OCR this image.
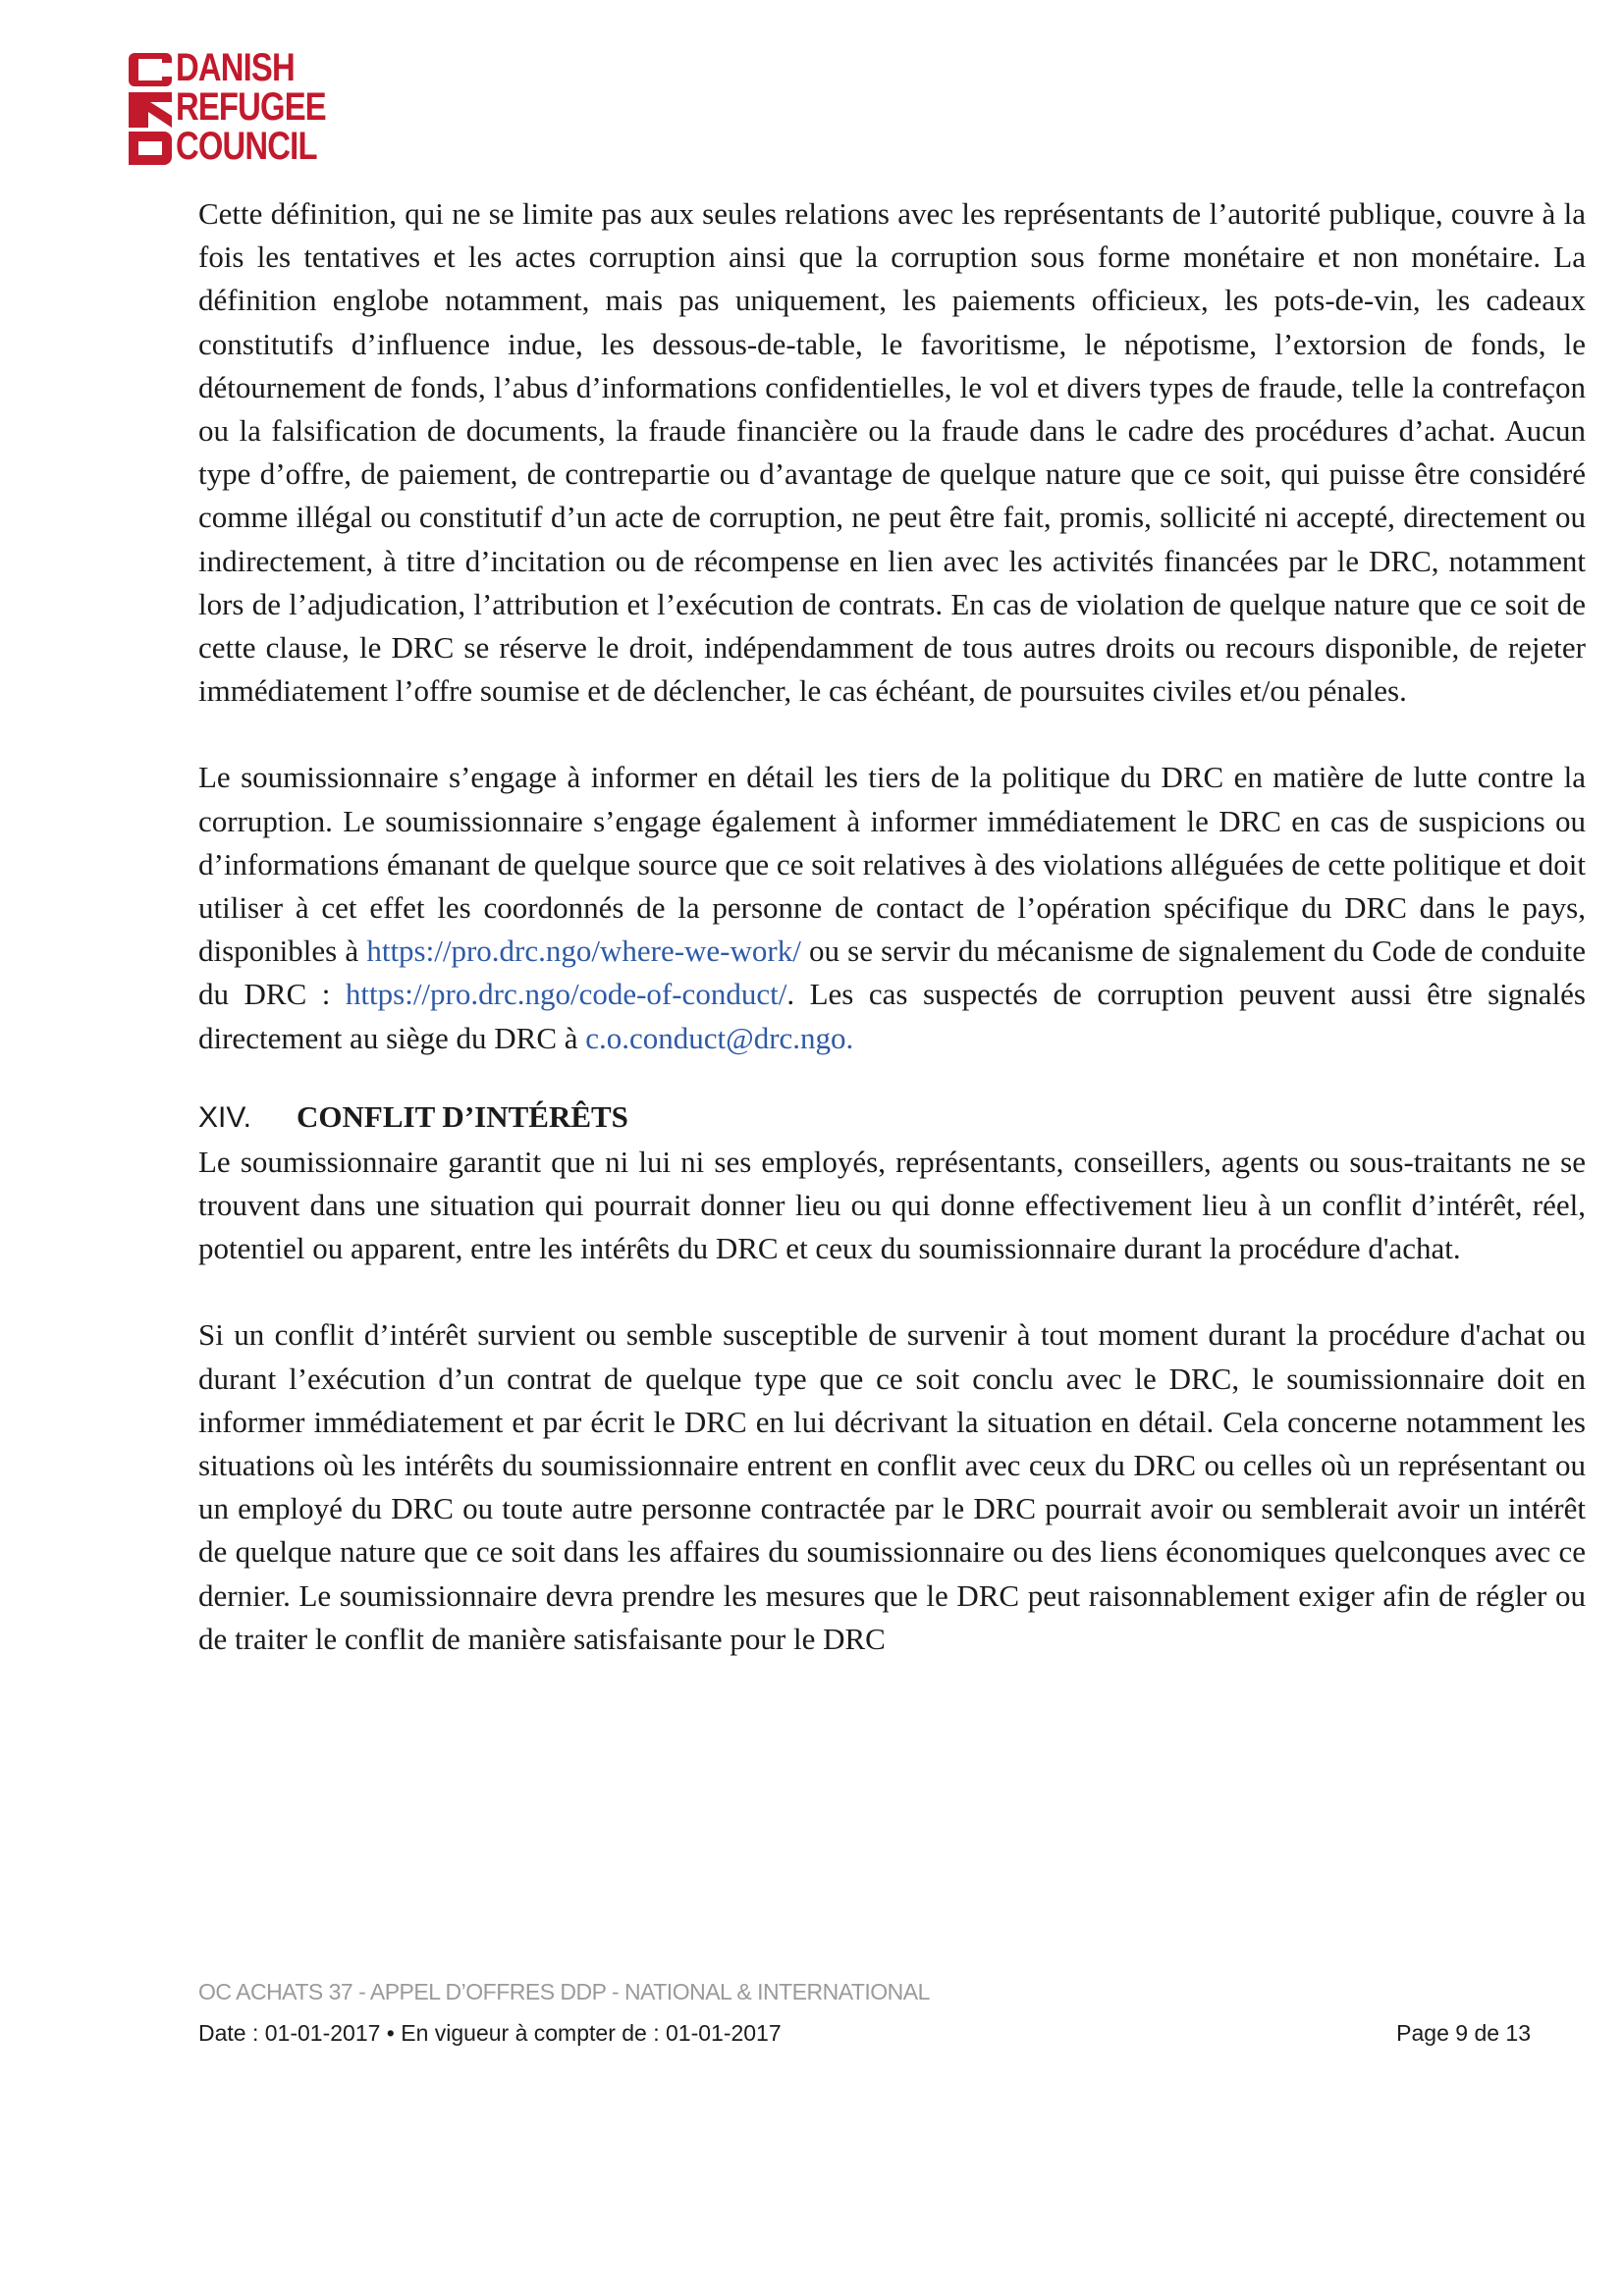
DANISH
REFUGEE
COUNCIL

Cette définition, qui ne se limite pas aux seules relations avec les représentants de l’autorité publique, couvre à la fois les tentatives et les actes corruption ainsi que la corruption sous forme monétaire et non monétaire. La définition englobe notamment, mais pas uniquement, les paiements officieux, les pots-de-vin, les cadeaux constitutifs d’influence indue, les dessous-de-table, le favoritisme, le népotisme, l’extorsion de fonds, le détournement de fonds, l’abus d’informations confidentielles, le vol et divers types de fraude, telle la contrefaçon ou la falsification de documents, la fraude financière ou la fraude dans le cadre des procédures d’achat. Aucun type d’offre, de paiement, de contrepartie ou d’avantage de quelque nature que ce soit, qui puisse être considéré comme illégal ou constitutif d’un acte de corruption, ne peut être fait, promis, sollicité ni accepté, directement ou indirectement, à titre d’incitation ou de récompense en lien avec les activités financées par le DRC, notamment lors de l’adjudication, l’attribution et l’exécution de contrats. En cas de violation de quelque nature que ce soit de cette clause, le DRC se réserve le droit, indépendamment de tous autres droits ou recours disponible, de rejeter immédiatement l’offre soumise et de déclencher, le cas échéant, de poursuites civiles et/ou pénales.

Le soumissionnaire s’engage à informer en détail les tiers de la politique du DRC en matière de lutte contre la corruption. Le soumissionnaire s’engage également à informer immédiatement le DRC en cas de suspicions ou d’informations émanant de quelque source que ce soit relatives à des violations alléguées de cette politique et doit utiliser à cet effet les coordonnés de la personne de contact de l’opération spécifique du DRC dans le pays, disponibles à https://pro.drc.ngo/where-we-work/ ou se servir du mécanisme de signalement du Code de conduite du DRC : https://pro.drc.ngo/code-of-conduct/. Les cas suspectés de corruption peuvent aussi être signalés directement au siège du DRC à c.o.conduct@drc.ngo.

XIV.	CONFLIT D’INTÉRÊTS

Le soumissionnaire garantit que ni lui ni ses employés, représentants, conseillers, agents ou sous-traitants ne se trouvent dans une situation qui pourrait donner lieu ou qui donne effectivement lieu à un conflit d’intérêt, réel, potentiel ou apparent, entre les intérêts du DRC et ceux du soumissionnaire durant la procédure d'achat.

Si un conflit d’intérêt survient ou semble susceptible de survenir à tout moment durant la procédure d'achat ou durant l’exécution d’un contrat de quelque type que ce soit conclu avec le DRC, le soumissionnaire doit en informer immédiatement et par écrit le DRC en lui décrivant la situation en détail. Cela concerne notamment les situations où les intérêts du soumissionnaire entrent en conflit avec ceux du DRC ou celles où un représentant ou un employé du DRC ou toute autre personne contractée par le DRC pourrait avoir ou semblerait avoir un intérêt de quelque nature que ce soit dans les affaires du soumissionnaire ou des liens économiques quelconques avec ce dernier. Le soumissionnaire devra prendre les mesures que le DRC peut raisonnablement exiger afin de régler ou de traiter le conflit de manière satisfaisante pour le DRC

OC ACHATS 37 - APPEL D’OFFRES DDP - NATIONAL & INTERNATIONAL
Date : 01-01-2017 • En vigueur à compter de : 01-01-2017	Page 9 de 13
